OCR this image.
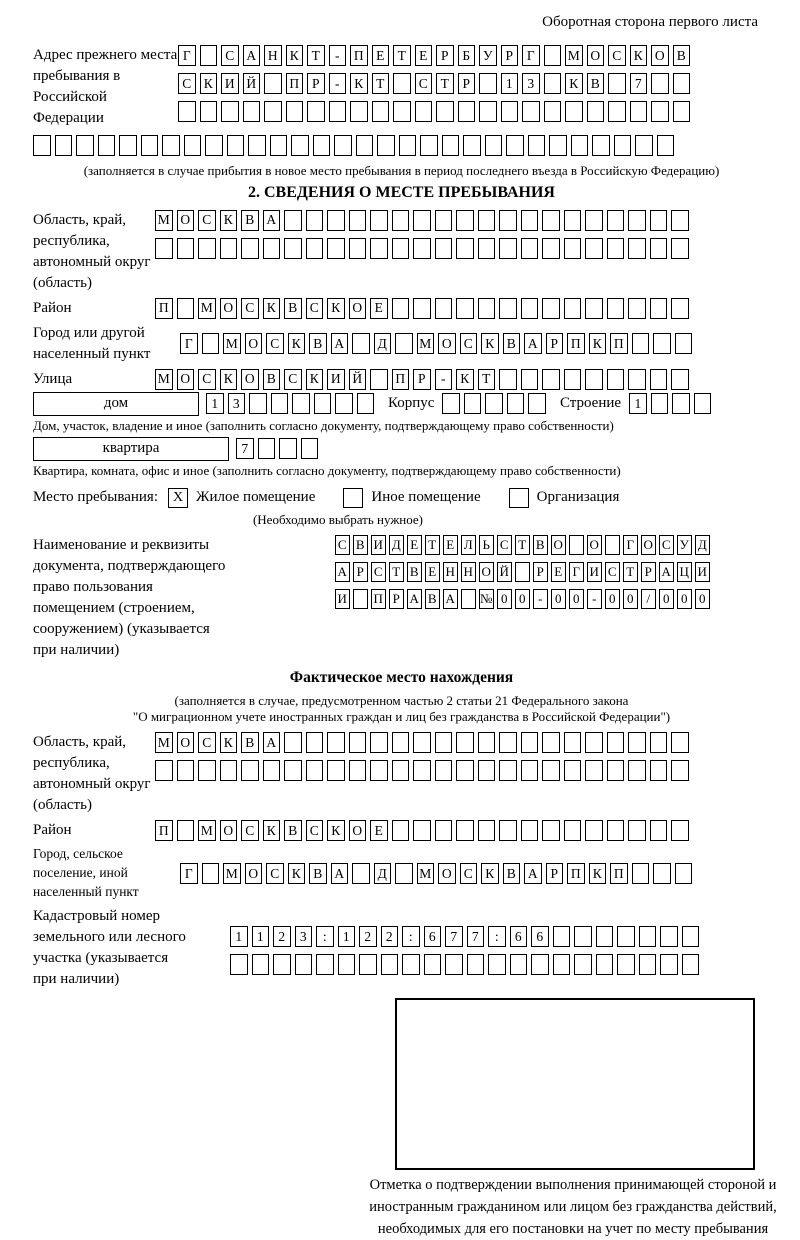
Оборотная сторона первого листа
Адрес прежнего места пребывания в Российской Федерации
Г	С А Н К Т	-	П Е Т Е	Р	Б У Р	Г	М О С К О В
С К И Й П Р	-	К Т	С Т	Р	1	3	К В	7
(заполняется в случае прибытия в новое место пребывания в период последнего въезда в Российскую Федерацию)
2. СВЕДЕНИЯ О МЕСТЕ ПРЕБЫВАНИЯ
Область, край, республика, автономный округ (область)
М О С К В А
Район	П М О С К В С К О Е
Город или другой населенный пункт
Г	М О С К В А	Д	М О С К В А Р П К П
Улица	М О С К О В С К И Й П Р	-	К Т
дом	1	3	Корпус	Строение 1
Дом, участок, владение и иное (заполнить согласно документу, подтверждающему право собственности)
квартира	7
Квартира, комната, офис и иное (заполнить согласно документу, подтверждающему право собственности)
Место пребывания:	X Жилое помещение	Иное помещение	Организация
(Необходимо выбрать нужное)
Наименование и реквизиты документа, подтверждающего право пользования помещением (строением, сооружением) (указывается при наличии)
С В И Д Е Т Е Л Ь С Т В О О Г О С У Д
А Р С Т В Е Н Н О Й Р Е Г И С Т Р А Ц И
И П Р А В А № 0 0 - 0 0 - 0 0 / 0 0 0
Фактическое место нахождения
(заполняется в случае, предусмотренном частью 2 статьи 21 Федерального закона
"О миграционном учете иностранных граждан и лиц без гражданства в Российской Федерации")
Область, край, республика, автономный округ (область)
М О С К В А
Район	П М О С К В С К О Е
Город, сельское поселение, иной населенный пункт
Г	М О С К В А	Д	М О С К В А Р П К П
Кадастровый номер земельного или лесного участка (указывается при наличии)
1	1	2	3	:	1	2	2	:	6	7	7	:	6	6
Отметка о подтверждении выполнения принимающей стороной и иностранным гражданином или лицом без гражданства действий, необходимых для его постановки на учет по месту пребывания
